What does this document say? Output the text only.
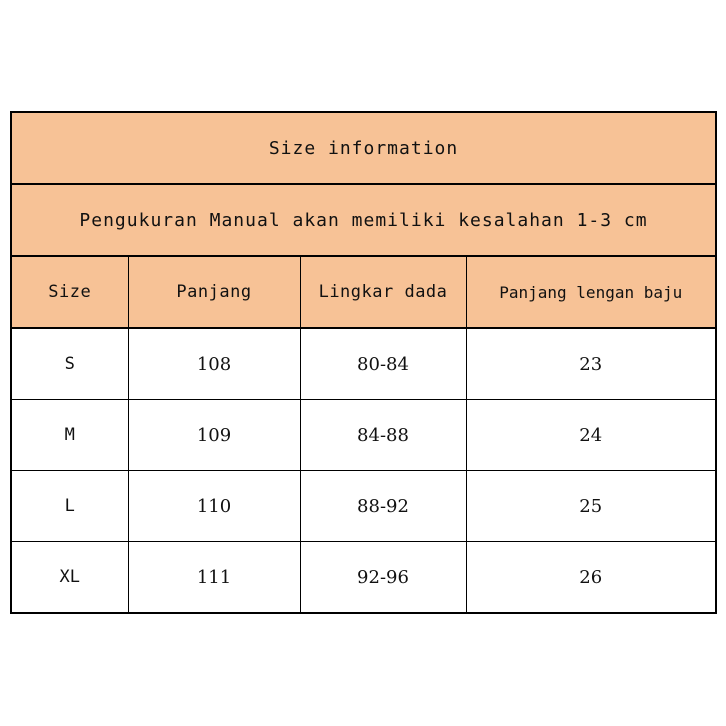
Size information			
Pengukuran Manual akan memiliki kesalahan 1-3 cm			
Size	Panjang	Lingkar dada	Panjang lengan baju
S	108	80-84	23
M	109	84-88	24
L	110	88-92	25
XL	111	92-96	26
